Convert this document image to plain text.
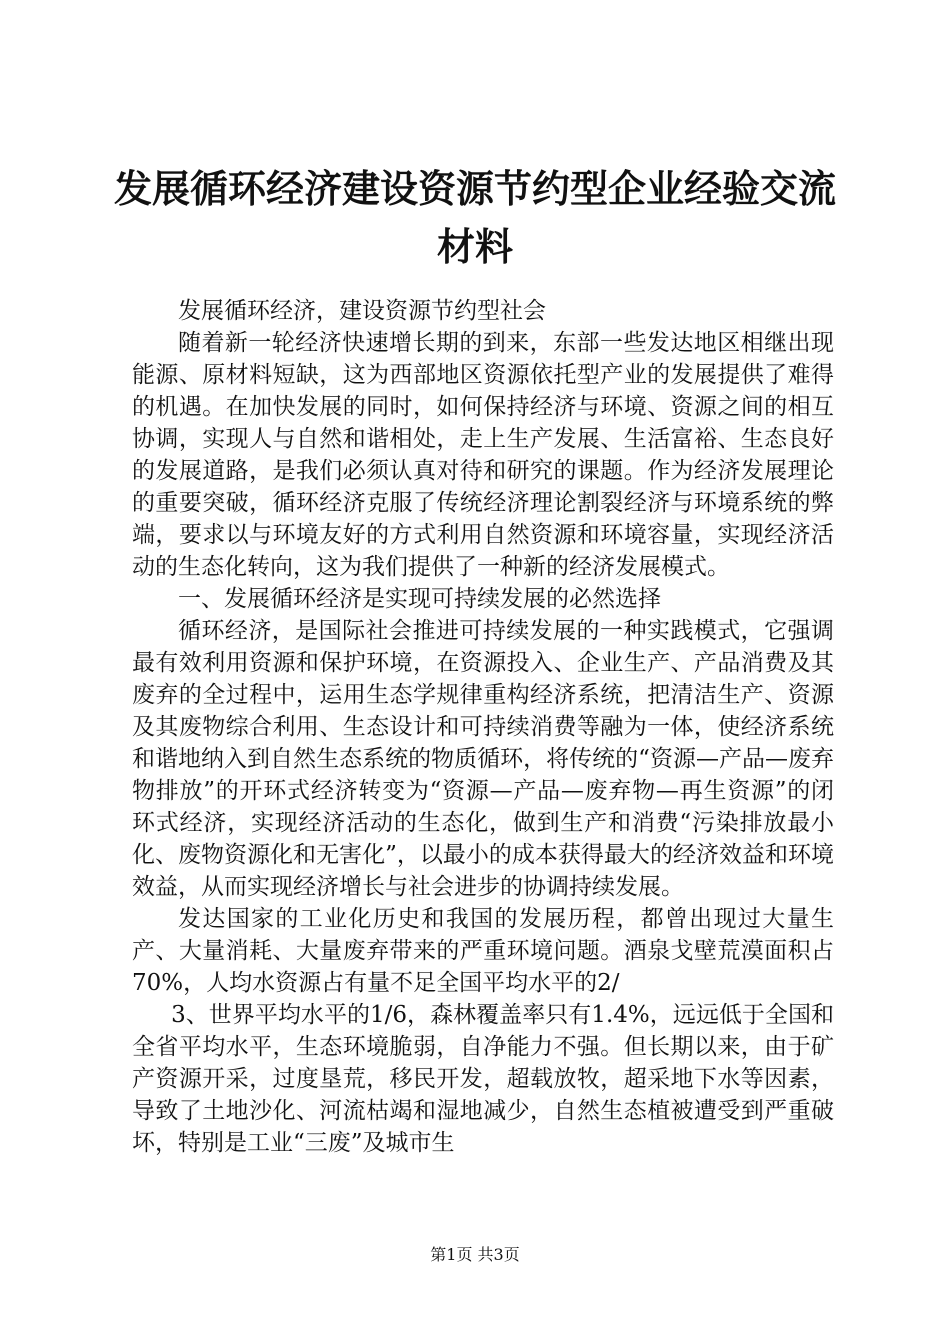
发展循环经济建设资源节约型企业经验交流材料

发展循环经济，建设资源节约型社会

随着新一轮经济快速增长期的到来，东部一些发达地区相继出现能源、原材料短缺，这为西部地区资源依托型产业的发展提供了难得的机遇。在加快发展的同时，如何保持经济与环境、资源之间的相互协调，实现人与自然和谐相处，走上生产发展、生活富裕、生态良好的发展道路，是我们必须认真对待和研究的课题。作为经济发展理论的重要突破，循环经济克服了传统经济理论割裂经济与环境系统的弊端，要求以与环境友好的方式利用自然资源和环境容量，实现经济活动的生态化转向，这为我们提供了一种新的经济发展模式。

一、发展循环经济是实现可持续发展的必然选择

循环经济，是国际社会推进可持续发展的一种实践模式，它强调最有效利用资源和保护环境，在资源投入、企业生产、产品消费及其废弃的全过程中，运用生态学规律重构经济系统，把清洁生产、资源及其废物综合利用、生态设计和可持续消费等融为一体，使经济系统和谐地纳入到自然生态系统的物质循环，将传统的“资源—产品—废弃物排放”的开环式经济转变为“资源—产品—废弃物—再生资源”的闭环式经济，实现经济活动的生态化，做到生产和消费“污染排放最小化、废物资源化和无害化”，以最小的成本获得最大的经济效益和环境效益，从而实现经济增长与社会进步的协调持续发展。

发达国家的工业化历史和我国的发展历程，都曾出现过大量生产、大量消耗、大量废弃带来的严重环境问题。酒泉戈壁荒漠面积占70%，人均水资源占有量不足全国平均水平的2/

3、世界平均水平的1/6，森林覆盖率只有1.4%，远远低于全国和全省平均水平，生态环境脆弱，自净能力不强。但长期以来，由于矿产资源开采，过度垦荒，移民开发，超载放牧，超采地下水等因素，导致了土地沙化、河流枯竭和湿地减少，自然生态植被遭受到严重破坏，特别是工业“三废”及城市生

第1页 共3页
